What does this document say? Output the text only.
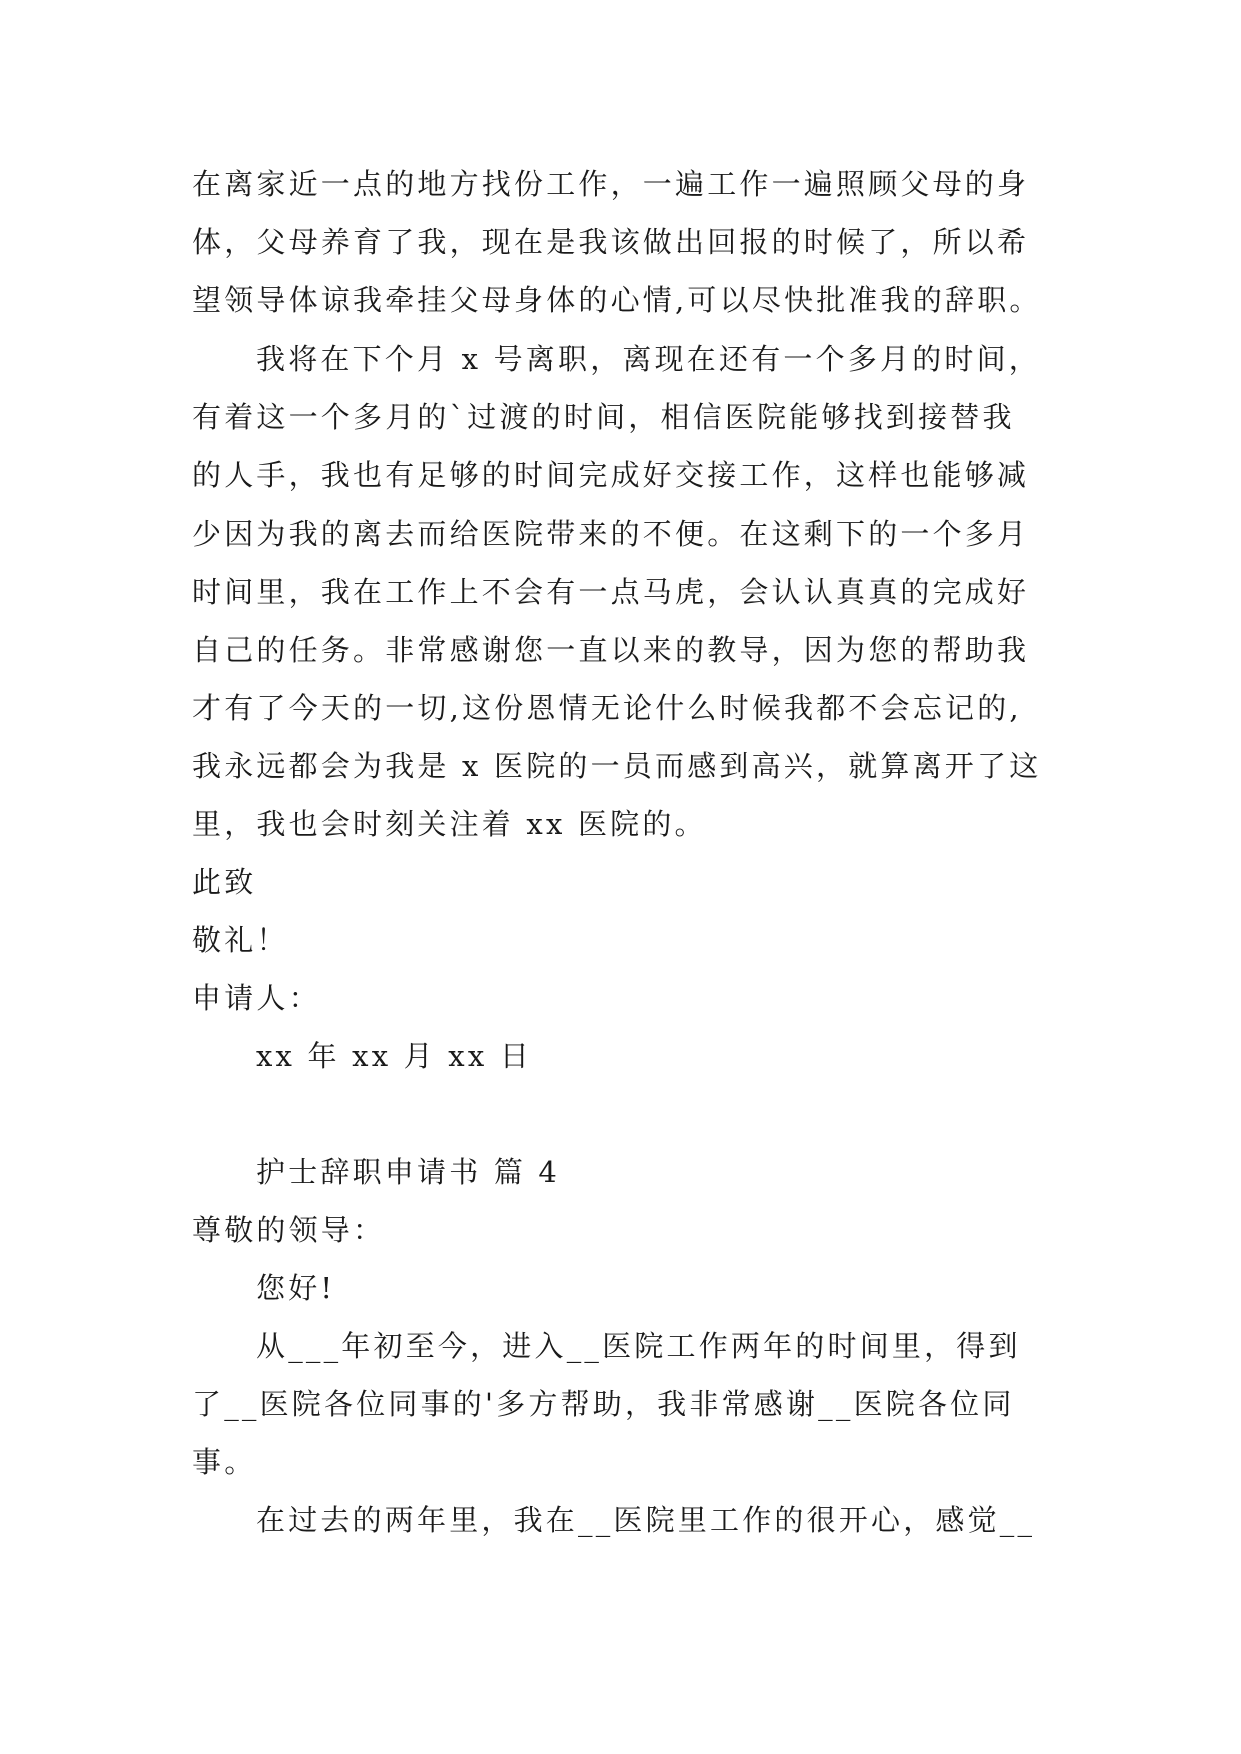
在离家近一点的地方找份工作，一遍工作一遍照顾父母的身
体，父母养育了我，现在是我该做出回报的时候了，所以希
望领导体谅我牵挂父母身体的心情,可以尽快批准我的辞职。
我将在下个月 x 号离职，离现在还有一个多月的时间，
有着这一个多月的`过渡的时间，相信医院能够找到接替我
的人手，我也有足够的时间完成好交接工作，这样也能够减
少因为我的离去而给医院带来的不便。在这剩下的一个多月
时间里，我在工作上不会有一点马虎，会认认真真的完成好
自己的任务。非常感谢您一直以来的教导，因为您的帮助我
才有了今天的一切,这份恩情无论什么时候我都不会忘记的,
我永远都会为我是 x 医院的一员而感到高兴，就算离开了这
里，我也会时刻关注着 xx 医院的。
此致
敬礼！
申请人：
xx 年 xx 月 xx 日
护士辞职申请书 篇 4
尊敬的领导：
您好!
从___年初至今，进入__医院工作两年的时间里，得到
了__医院各位同事的'多方帮助，我非常感谢__医院各位同
事。
在过去的两年里，我在__医院里工作的很开心，感觉__
